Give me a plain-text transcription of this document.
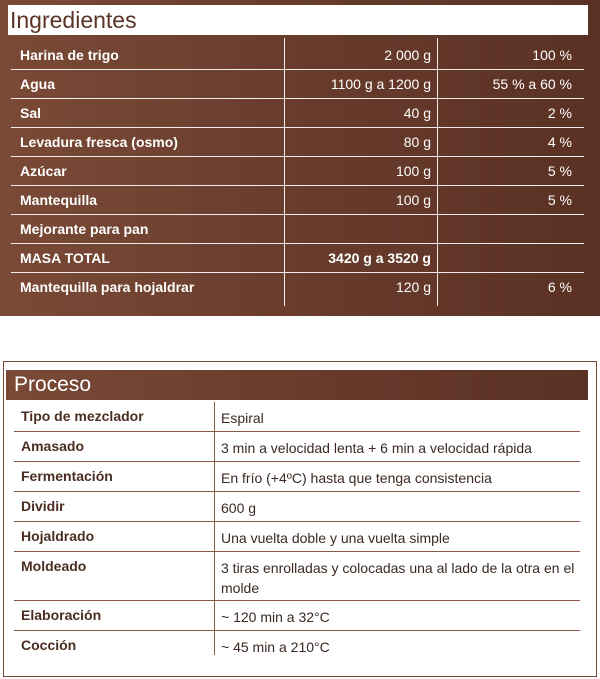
Ingredientes
Harina de trigo	2 000 g	100 %
Agua	1100 g a 1200 g	55 % a 60 %
Sal	40 g	2 %
Levadura fresca (osmo)	80 g	4 %
Azúcar	100 g	5 %
Mantequilla	100 g	5 %
Mejorante para pan
MASA TOTAL	3420 g a 3520 g
Mantequilla para hojaldrar	120 g	6 %
Proceso
Tipo de mezclador	Espiral
Amasado	3 min a velocidad lenta + 6 min a velocidad rápida
Fermentación	En frío (+4ºC) hasta que tenga consistencia
Dividir	600 g
Hojaldrado	Una vuelta doble y una vuelta simple
Moldeado	3 tiras enrolladas y colocadas una al lado de la otra en el molde
Elaboración	~ 120 min a 32°C
Cocción	~ 45 min a 210°C
